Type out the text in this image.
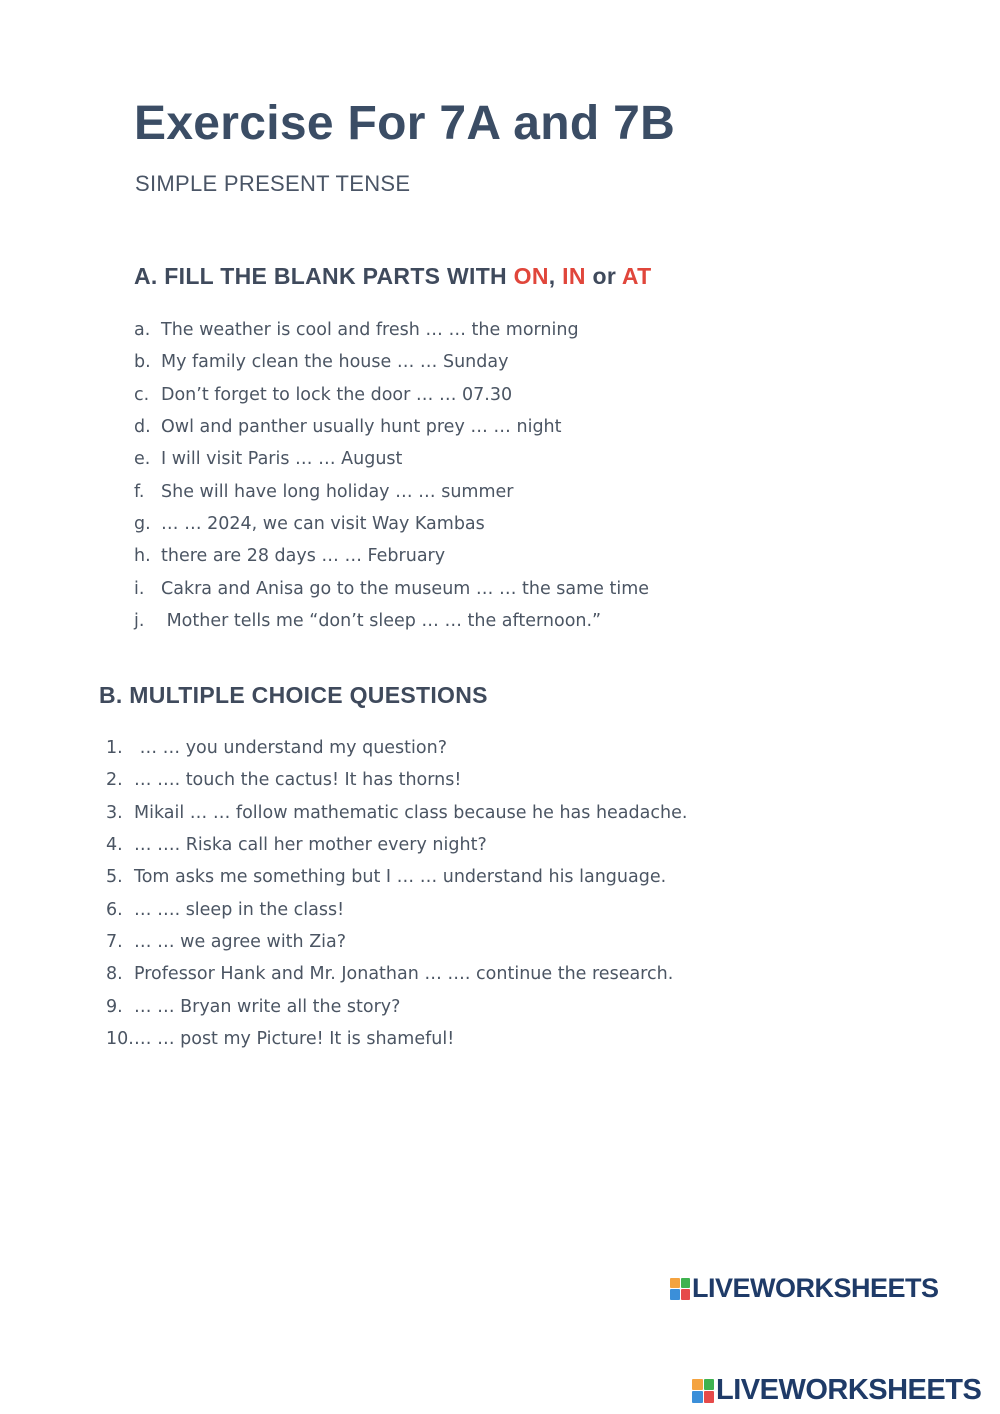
Exercise For 7A and 7B

SIMPLE PRESENT TENSE

A. FILL THE BLANK PARTS WITH ON, IN or AT
a. The weather is cool and fresh … … the morning
b. My family clean the house … … Sunday
c. Don’t forget to lock the door … … 07.30
d. Owl and panther usually hunt prey … … night
e. I will visit Paris … … August
f. She will have long holiday … … summer
g. … … 2024, we can visit Way Kambas
h. there are 28 days … … February
i. Cakra and Anisa go to the museum … … the same time
j. Mother tells me “don’t sleep … … the afternoon.”
B. MULTIPLE CHOICE QUESTIONS
1. … … you understand my question?
2. … …. touch the cactus! It has thorns!
3. Mikail … … follow mathematic class because he has headache.
4. … …. Riska call her mother every night?
5. Tom asks me something but I … … understand his language.
6. … …. sleep in the class!
7. … … we agree with Zia?
8. Professor Hank and Mr. Jonathan … …. continue the research.
9. … … Bryan write all the story?
10. … … post my Picture! It is shameful!
LIVEWORKSHEETS
LIVEWORKSHEETS
